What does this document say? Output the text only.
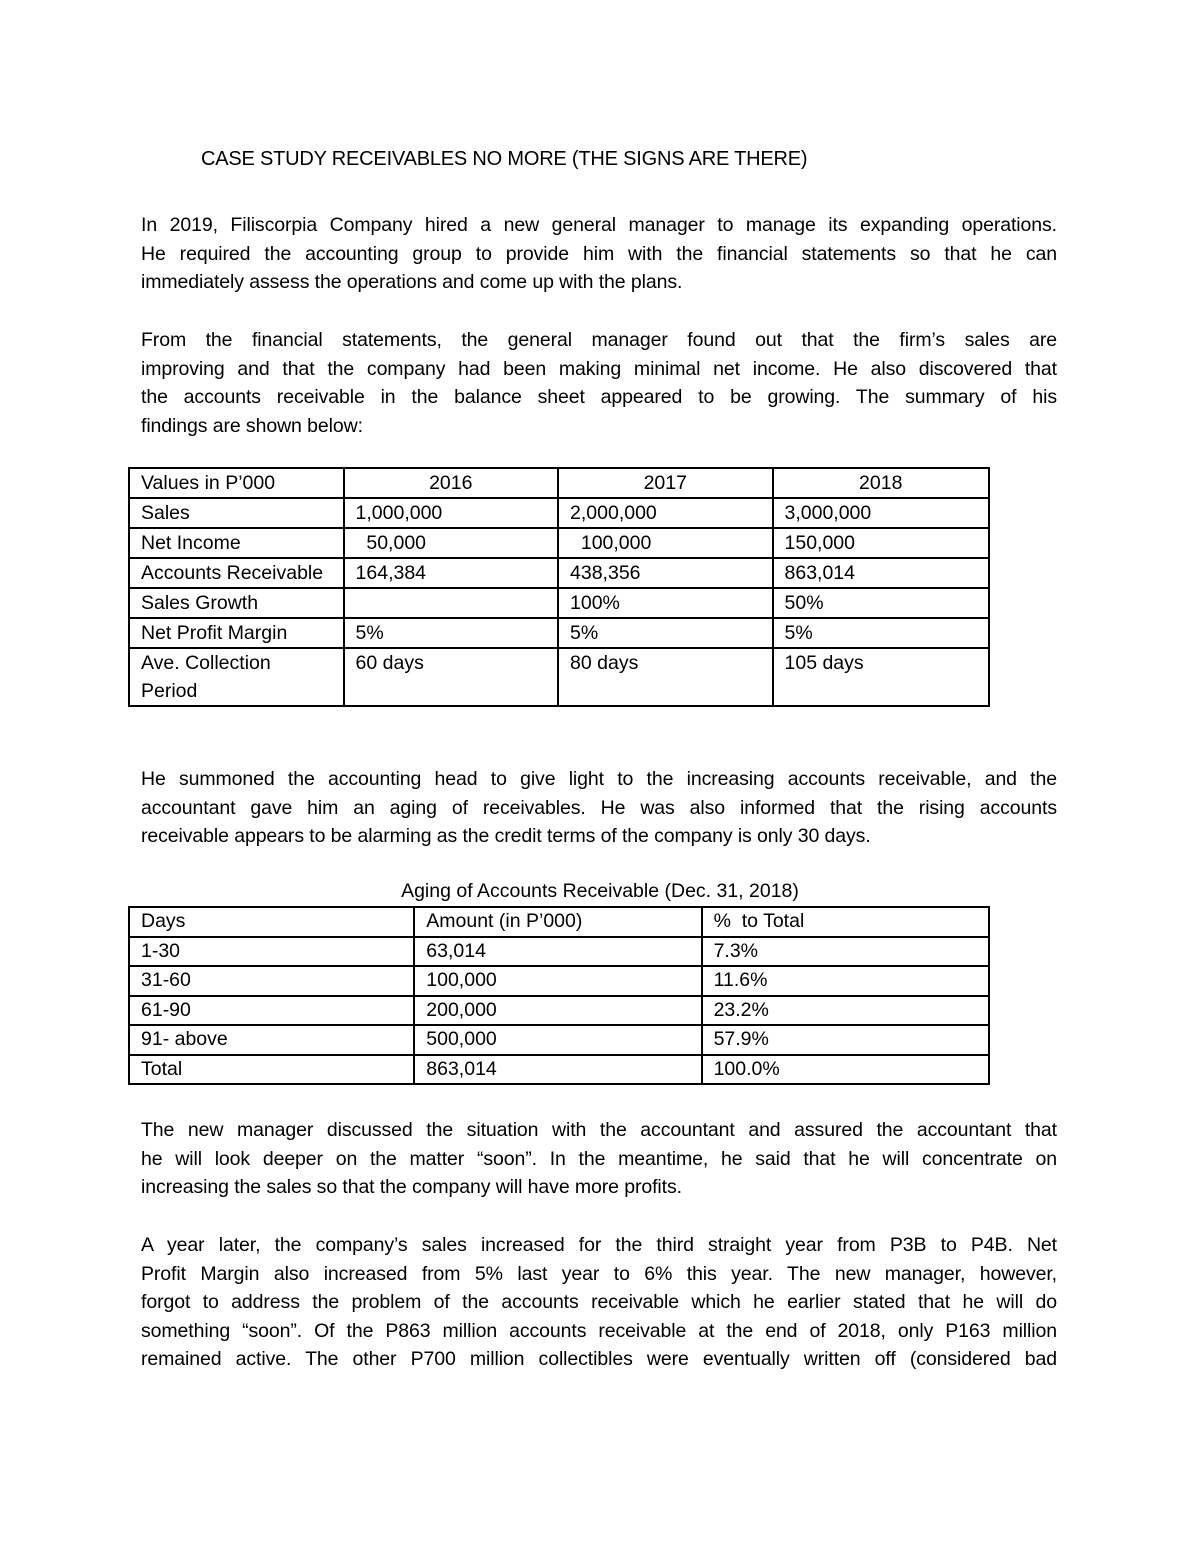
CASE STUDY RECEIVABLES NO MORE (THE SIGNS ARE THERE)
In 2019, Filiscorpia Company hired a new general manager to manage its expanding operations.
He required the accounting group to provide him with the financial statements so that he can
immediately assess the operations and come up with the plans.
From the financial statements, the general manager found out that the firm’s sales are
improving and that the company had been making minimal net income. He also discovered that
the accounts receivable in the balance sheet appeared to be growing. The summary of his
findings are shown below:
Values in P’000	2016	2017	2018
Sales	1,000,000	2,000,000	3,000,000
Net Income	50,000	100,000	150,000
Accounts Receivable	164,384	438,356	863,014
Sales Growth		100%	50%
Net Profit Margin	5%	5%	5%
Ave. Collection Period	60 days	80 days	105 days
He summoned the accounting head to give light to the increasing accounts receivable, and the
accountant gave him an aging of receivables. He was also informed that the rising accounts
receivable appears to be alarming as the credit terms of the company is only 30 days.
Aging of Accounts Receivable (Dec. 31, 2018)
Days	Amount (in P’000)	%  to Total
1-30	63,014	7.3%
31-60	100,000	11.6%
61-90	200,000	23.2%
91- above	500,000	57.9%
Total	863,014	100.0%
The new manager discussed the situation with the accountant and assured the accountant that
he will look deeper on the matter “soon”. In the meantime, he said that he will concentrate on
increasing the sales so that the company will have more profits.
A year later, the company’s sales increased for the third straight year from P3B to P4B. Net
Profit Margin also increased from 5% last year to 6% this year. The new manager, however,
forgot to address the problem of the accounts receivable which he earlier stated that he will do
something “soon”. Of the P863 million accounts receivable at the end of 2018, only P163 million
remained active. The other P700 million collectibles were eventually written off (considered bad
